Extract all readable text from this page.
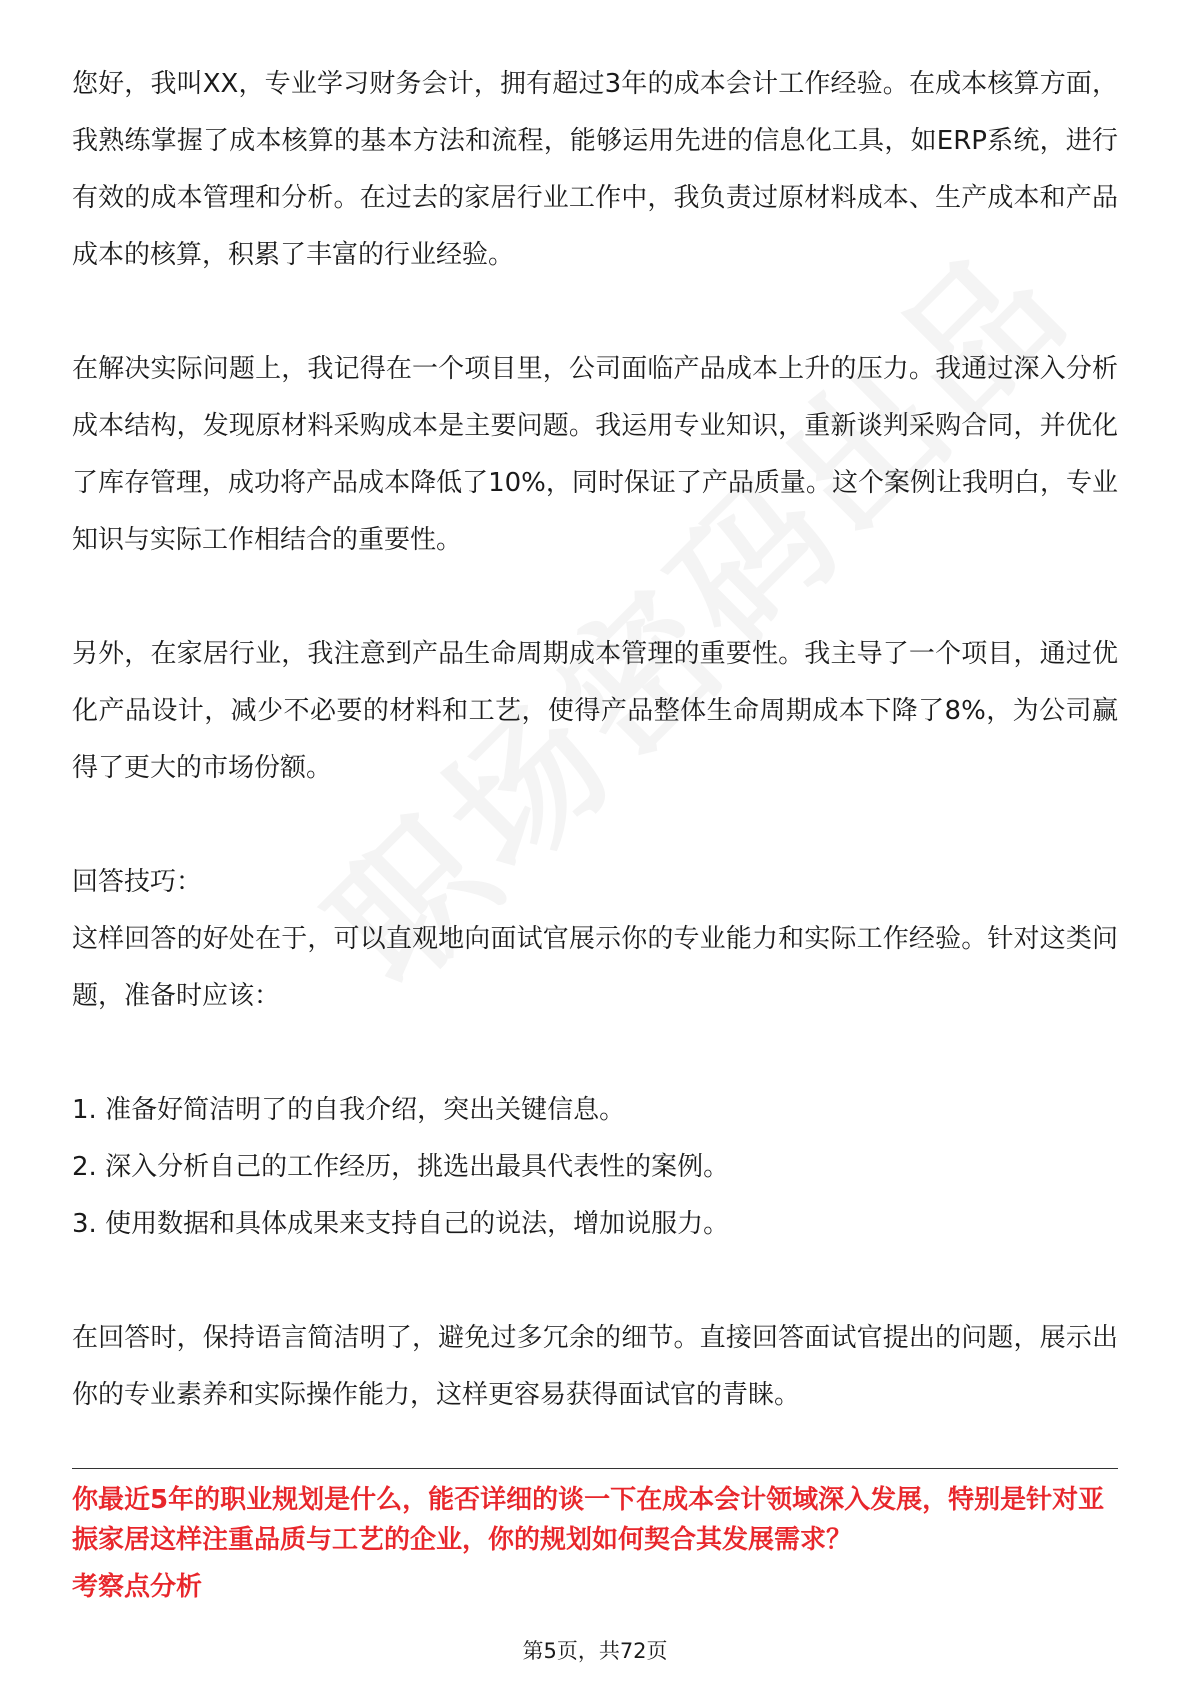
您好，我叫XX，专业学习财务会计，拥有超过3年的成本会计工作经验。在成本核算方面，我熟练掌握了成本核算的基本方法和流程，能够运用先进的信息化工具，如ERP系统，进行有效的成本管理和分析。在过去的家居行业工作中，我负责过原材料成本、生产成本和产品成本的核算，积累了丰富的行业经验。

在解决实际问题上，我记得在一个项目里，公司面临产品成本上升的压力。我通过深入分析成本结构，发现原材料采购成本是主要问题。我运用专业知识，重新谈判采购合同，并优化了库存管理，成功将产品成本降低了10%，同时保证了产品质量。这个案例让我明白，专业知识与实际工作相结合的重要性。

另外，在家居行业，我注意到产品生命周期成本管理的重要性。我主导了一个项目，通过优化产品设计，减少不必要的材料和工艺，使得产品整体生命周期成本下降了8%，为公司赢得了更大的市场份额。

回答技巧：

这样回答的好处在于，可以直观地向面试官展示你的专业能力和实际工作经验。针对这类问题，准备时应该：

1. 准备好简洁明了的自我介绍，突出关键信息。

2. 深入分析自己的工作经历，挑选出最具代表性的案例。

3. 使用数据和具体成果来支持自己的说法，增加说服力。

在回答时，保持语言简洁明了，避免过多冗余的细节。直接回答面试官提出的问题，展示出你的专业素养和实际操作能力，这样更容易获得面试官的青睐。

你最近5年的职业规划是什么，能否详细的谈一下在成本会计领域深入发展，特别是针对亚振家居这样注重品质与工艺的企业，你的规划如何契合其发展需求？

考察点分析

第5页，共72页
